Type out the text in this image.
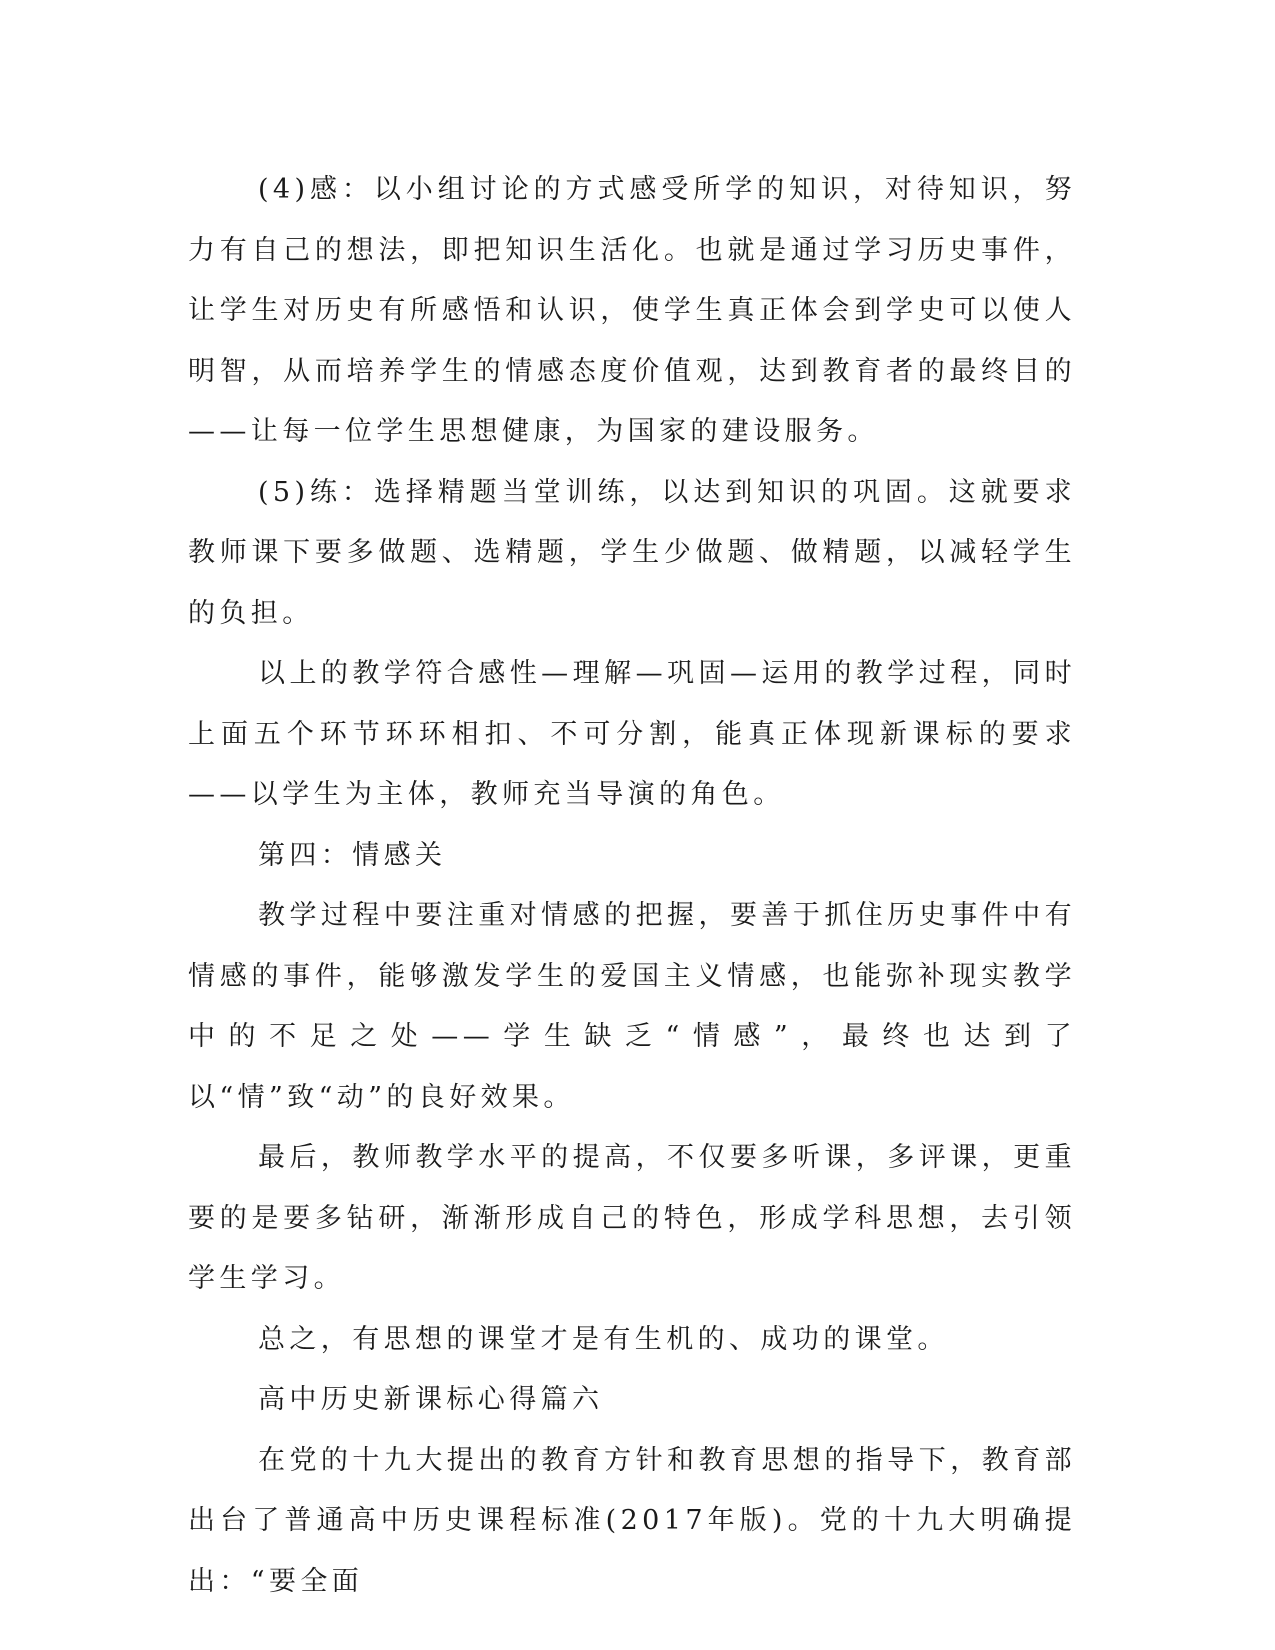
(4)感：以小组讨论的方式感受所学的知识，对待知识，努力有自己的想法，即把知识生活化。也就是通过学习历史事件，让学生对历史有所感悟和认识，使学生真正体会到学史可以使人明智，从而培养学生的情感态度价值观，达到教育者的最终目的——让每一位学生思想健康，为国家的建设服务。

(5)练：选择精题当堂训练，以达到知识的巩固。这就要求教师课下要多做题、选精题，学生少做题、做精题，以减轻学生的负担。

以上的教学符合感性—理解—巩固—运用的教学过程，同时上面五个环节环环相扣、不可分割，能真正体现新课标的要求——以学生为主体，教师充当导演的角色。

第四：情感关

教学过程中要注重对情感的把握，要善于抓住历史事件中有情感的事件，能够激发学生的爱国主义情感，也能弥补现实教学中的不足之处——学生缺乏“情感”，最终也达到了以“情”致“动”的良好效果。

最后，教师教学水平的提高，不仅要多听课，多评课，更重要的是要多钻研，渐渐形成自己的特色，形成学科思想，去引领学生学习。

总之，有思想的课堂才是有生机的、成功的课堂。

高中历史新课标心得篇六

在党的十九大提出的教育方针和教育思想的指导下，教育部出台了普通高中历史课程标准(2017年版)。党的十九大明确提出：“要全面
